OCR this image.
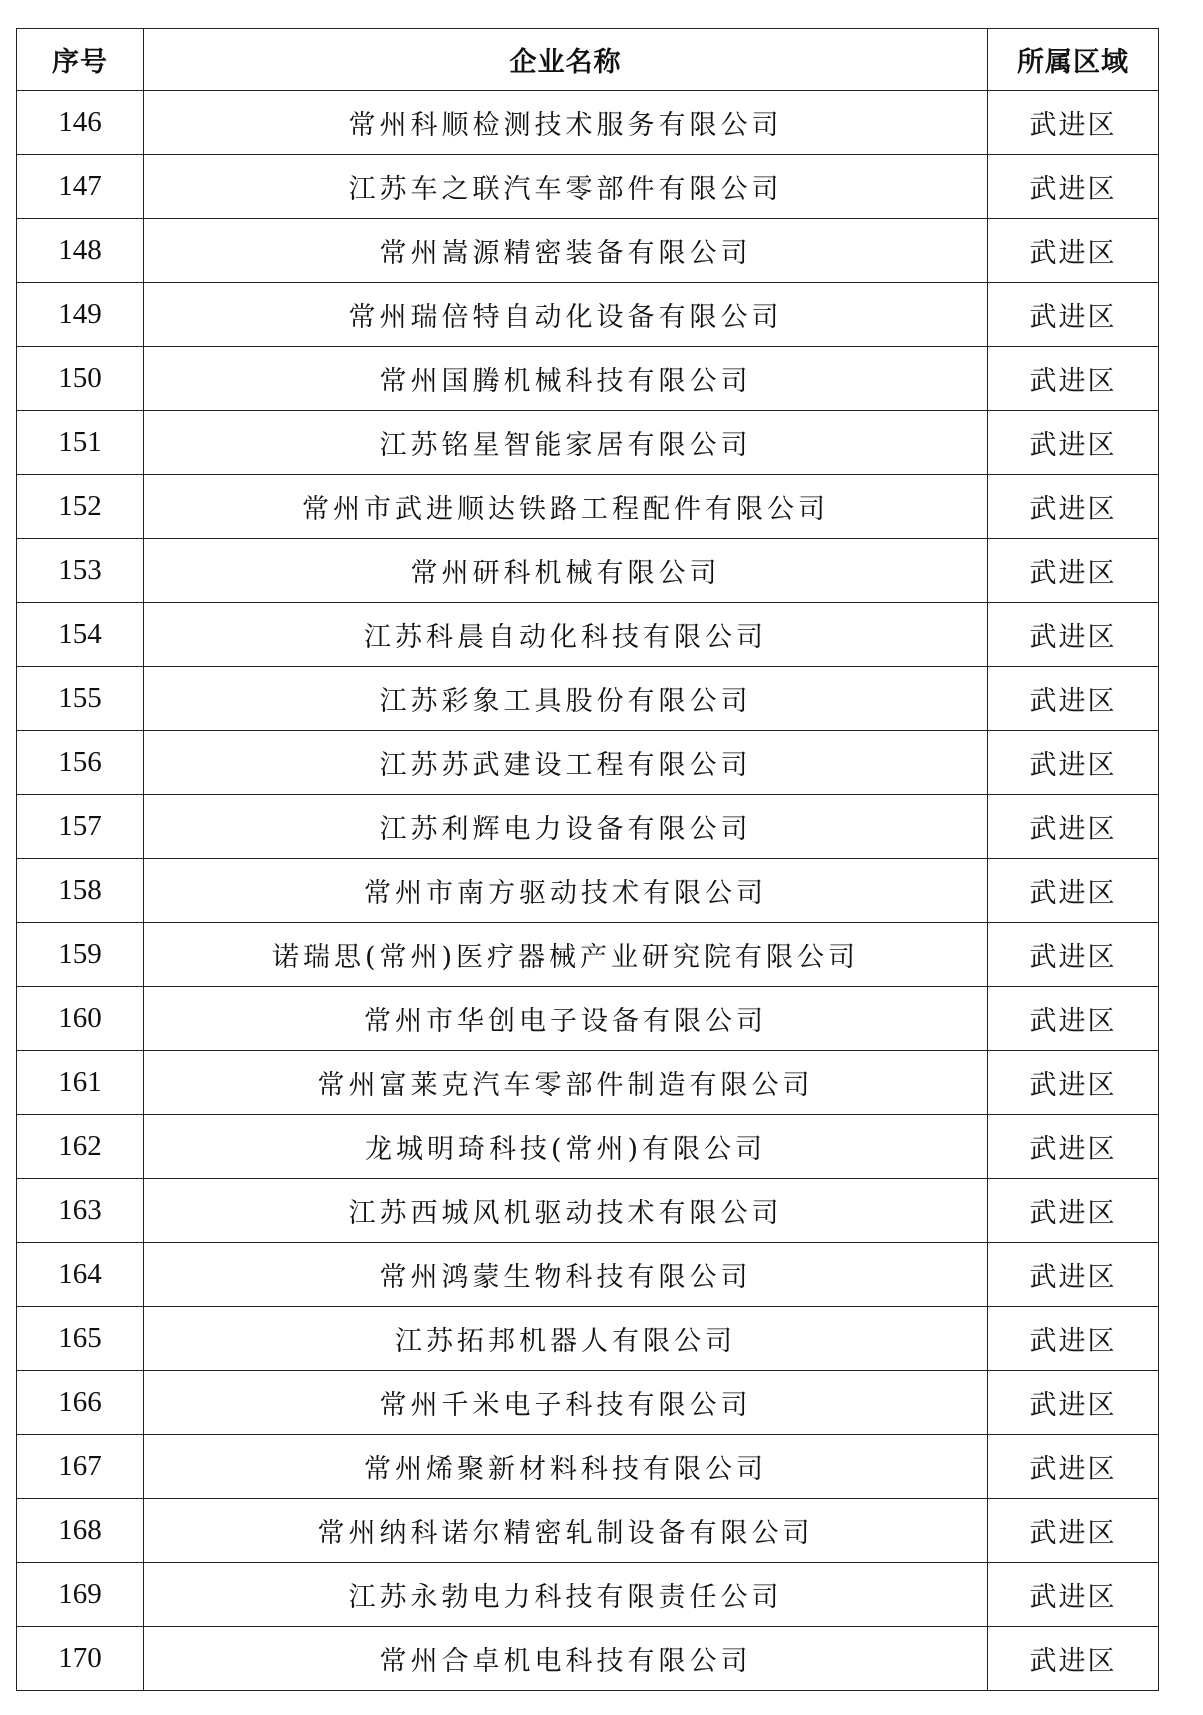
序号	企业名称	所属区域
146	常州科顺检测技术服务有限公司	武进区
147	江苏车之联汽车零部件有限公司	武进区
148	常州嵩源精密装备有限公司	武进区
149	常州瑞倍特自动化设备有限公司	武进区
150	常州国腾机械科技有限公司	武进区
151	江苏铭星智能家居有限公司	武进区
152	常州市武进顺达铁路工程配件有限公司	武进区
153	常州研科机械有限公司	武进区
154	江苏科晨自动化科技有限公司	武进区
155	江苏彩象工具股份有限公司	武进区
156	江苏苏武建设工程有限公司	武进区
157	江苏利辉电力设备有限公司	武进区
158	常州市南方驱动技术有限公司	武进区
159	诺瑞思(常州)医疗器械产业研究院有限公司	武进区
160	常州市华创电子设备有限公司	武进区
161	常州富莱克汽车零部件制造有限公司	武进区
162	龙城明琦科技(常州)有限公司	武进区
163	江苏西城风机驱动技术有限公司	武进区
164	常州鸿蒙生物科技有限公司	武进区
165	江苏拓邦机器人有限公司	武进区
166	常州千米电子科技有限公司	武进区
167	常州烯聚新材料科技有限公司	武进区
168	常州纳科诺尔精密轧制设备有限公司	武进区
169	江苏永勃电力科技有限责任公司	武进区
170	常州合卓机电科技有限公司	武进区
